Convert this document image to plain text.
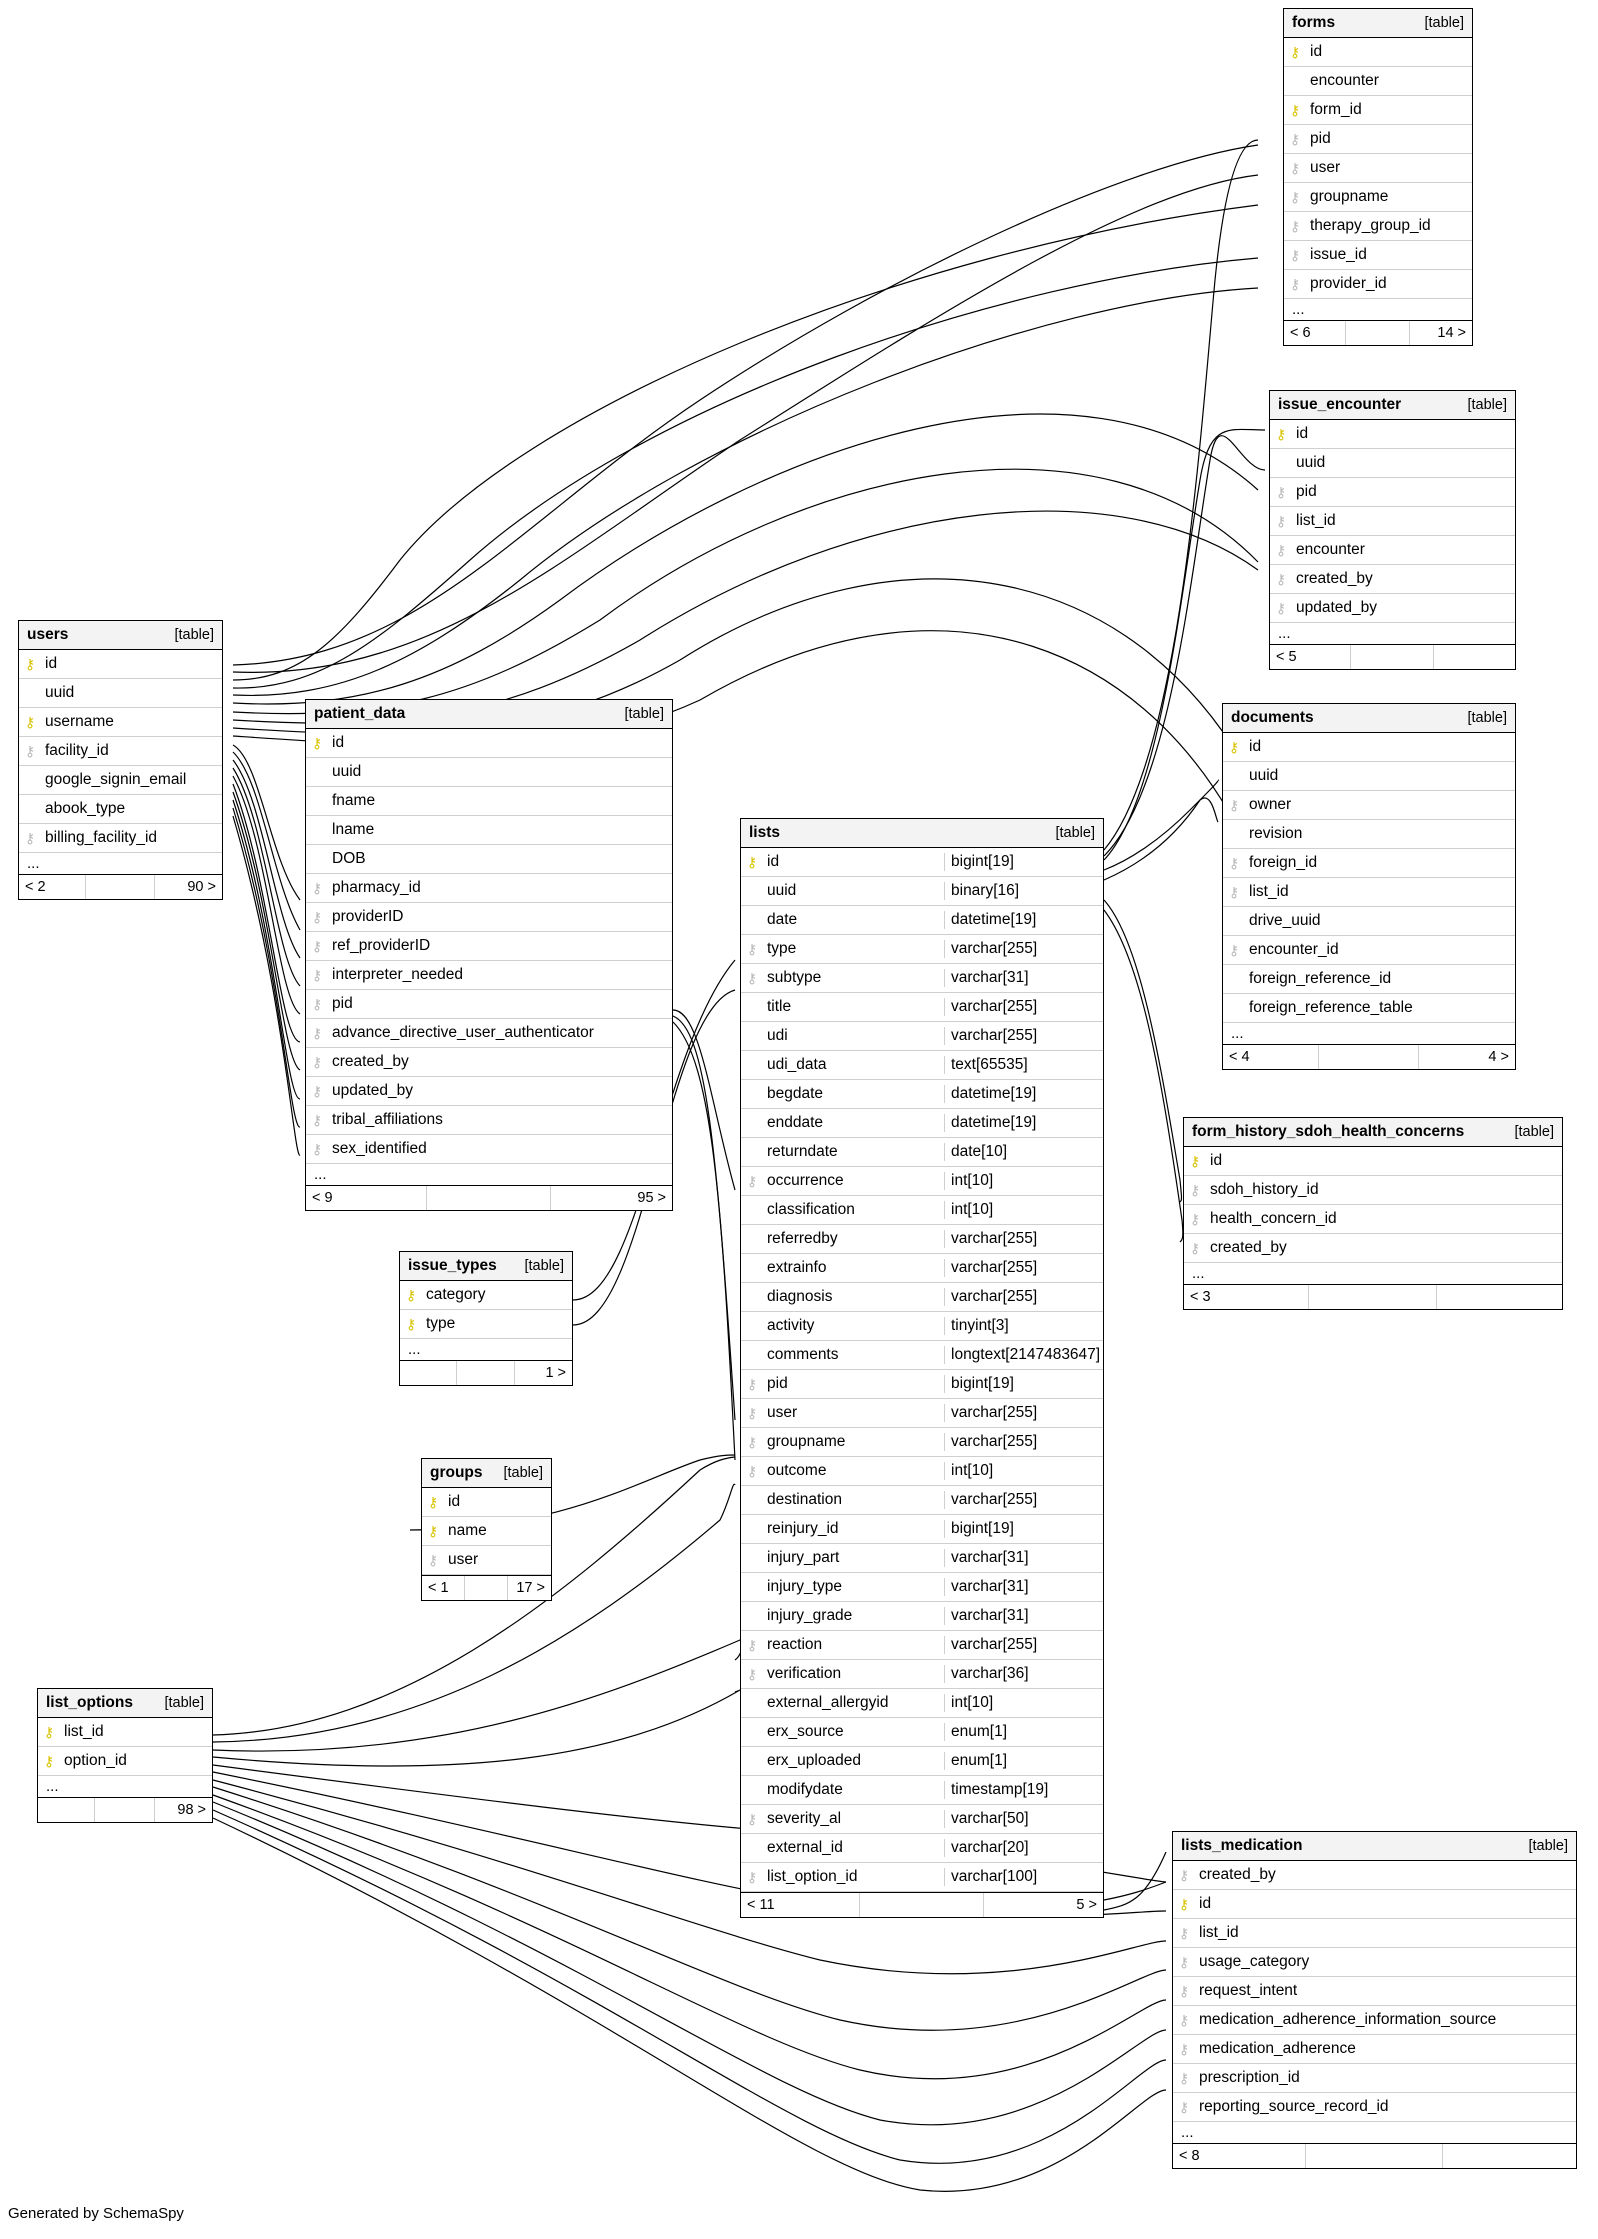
forms	[table]
⚷ id
encounter
⚷ form_id
⚷ pid
⚷ user
⚷ groupname
⚷ therapy_group_id
⚷ issue_id
⚷ provider_id
...
< 6	14 >
issue_encounter	[table]
⚷ id
uuid
⚷ pid
⚷ list_id
⚷ encounter
⚷ created_by
⚷ updated_by
...
< 5
documents	[table]
⚷ id
uuid
⚷ owner
revision
⚷ foreign_id
⚷ list_id
drive_uuid
⚷ encounter_id
foreign_reference_id
foreign_reference_table
...
< 4	4 >
form_history_sdoh_health_concerns	[table]
⚷ id
⚷ sdoh_history_id
⚷ health_concern_id
⚷ created_by
...
< 3
users	[table]
⚷ id
uuid
⚷ username
⚷ facility_id
google_signin_email
abook_type
⚷ billing_facility_id
...
< 2	90 >
patient_data	[table]
⚷ id
uuid
fname
lname
DOB
⚷ pharmacy_id
⚷ providerID
⚷ ref_providerID
⚷ interpreter_needed
⚷ pid
⚷ advance_directive_user_authenticator
⚷ created_by
⚷ updated_by
⚷ tribal_affiliations
⚷ sex_identified
...
< 9	95 >
issue_types [table]
⚷ category
⚷ type
...
1 >
groups [table]
⚷ id
⚷ name
⚷ user
< 1	17 >
list_options [table]
⚷ list_id
⚷ option_id
...
98 >
lists	[table]
⚷ id	bigint[19]
uuid	binary[16]
date	datetime[19]
⚷ type	varchar[255]
⚷ subtype	varchar[31]
title	varchar[255]
udi	varchar[255]
udi_data	text[65535]
begdate	datetime[19]
enddate	datetime[19]
returndate	date[10]
⚷ occurrence	int[10]
classification	int[10]
referredby	varchar[255]
extrainfo	varchar[255]
diagnosis	varchar[255]
activity	tinyint[3]
comments	longtext[2147483647]
⚷ pid	bigint[19]
⚷ user	varchar[255]
⚷ groupname	varchar[255]
⚷ outcome	int[10]
destination	varchar[255]
reinjury_id	bigint[19]
injury_part	varchar[31]
injury_type	varchar[31]
injury_grade	varchar[31]
⚷ reaction	varchar[255]
⚷ verification	varchar[36]
external_allergyid	int[10]
erx_source	enum[1]
erx_uploaded	enum[1]
modifydate	timestamp[19]
⚷ severity_al	varchar[50]
external_id	varchar[20]
⚷ list_option_id	varchar[100]
< 11	5 >
lists_medication	[table]
⚷ created_by
⚷ id
⚷ list_id
⚷ usage_category
⚷ request_intent
⚷ medication_adherence_information_source
⚷ medication_adherence
⚷ prescription_id
⚷ reporting_source_record_id
...
< 8
Generated by SchemaSpy
